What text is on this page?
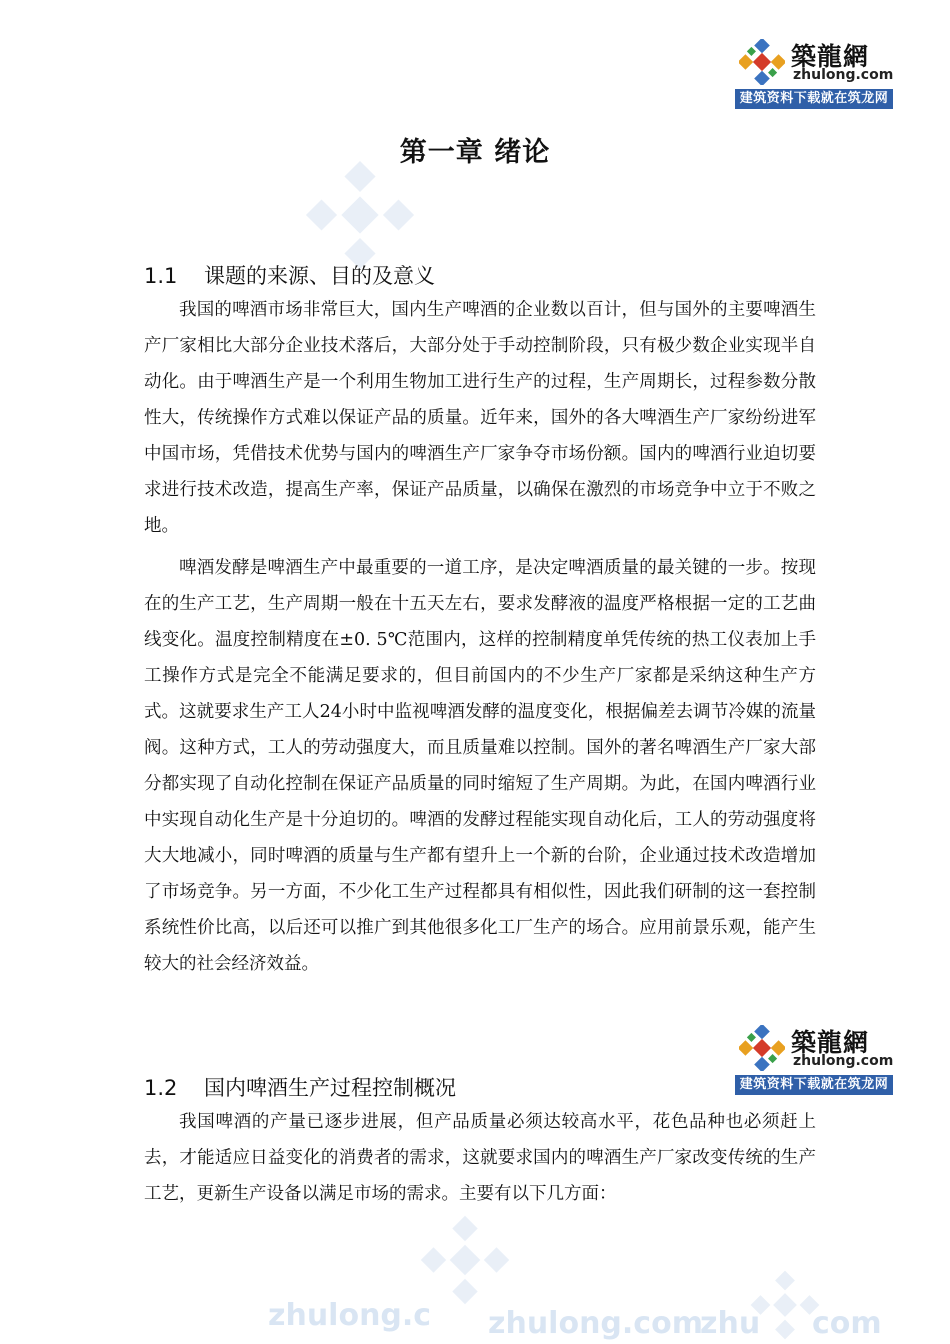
zhulong.c zhulong.com
zhu com
築龍網
zhulong.com
建筑资料下载就在筑龙网
第一章 绪论
1.1 课题的来源、目的及意义

我国的啤酒市场非常巨大，国内生产啤酒的企业数以百计，但与国外的主要啤酒生产厂家相比大部分企业技术落后，大部分处于手动控制阶段，只有极少数企业实现半自动化。由于啤酒生产是一个利用生物加工进行生产的过程，生产周期长，过程参数分散性大，传统操作方式难以保证产品的质量。近年来，国外的各大啤酒生产厂家纷纷进军中国市场，凭借技术优势与国内的啤酒生产厂家争夺市场份额。国内的啤酒行业迫切要求进行技术改造，提高生产率，保证产品质量，以确保在激烈的市场竞争中立于不败之地。

啤酒发酵是啤酒生产中最重要的一道工序，是决定啤酒质量的最关键的一步。按现在的生产工艺，生产周期一般在十五天左右，要求发酵液的温度严格根据一定的工艺曲线变化。温度控制精度在±0. 5℃范围内，这样的控制精度单凭传统的热工仪表加上手工操作方式是完全不能满足要求的，但目前国内的不少生产厂家都是采纳这种生产方式。这就要求生产工人24小时中监视啤酒发酵的温度变化，根据偏差去调节冷媒的流量阀。这种方式，工人的劳动强度大，而且质量难以控制。国外的著名啤酒生产厂家大部分都实现了自动化控制在保证产品质量的同时缩短了生产周期。为此，在国内啤酒行业中实现自动化生产是十分迫切的。啤酒的发酵过程能实现自动化后，工人的劳动强度将大大地减小，同时啤酒的质量与生产都有望升上一个新的台阶，企业通过技术改造增加了市场竞争。另一方面，不少化工生产过程都具有相似性，因此我们研制的这一套控制系统性价比高，以后还可以推广到其他很多化工厂生产的场合。应用前景乐观，能产生较大的社会经济效益。

築龍網
zhulong.com
建筑资料下载就在筑龙网
1.2 国内啤酒生产过程控制概况

我国啤酒的产量已逐步进展，但产品质量必须达较高水平，花色品种也必须赶上去，才能适应日益变化的消费者的需求，这就要求国内的啤酒生产厂家改变传统的生产工艺，更新生产设备以满足市场的需求。主要有以下几方面：
